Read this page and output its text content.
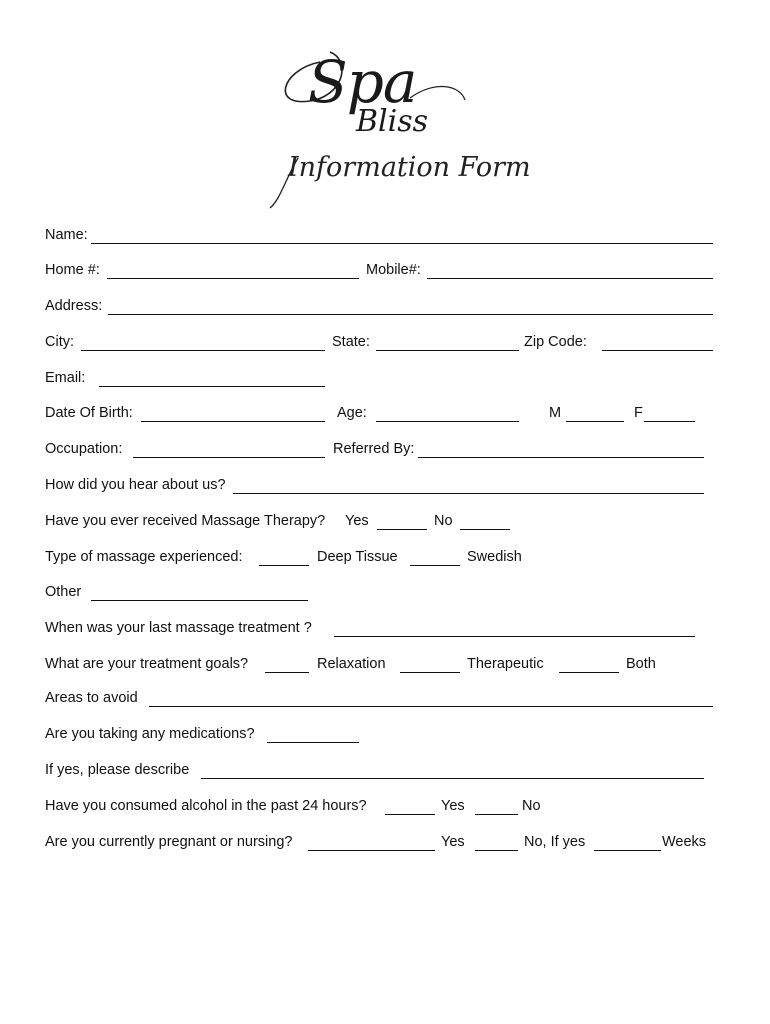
Spa
Bliss
Information Form
Name:
Home #:	Mobile#:
Address:
City:	State:	Zip Code:
Email:
Date Of Birth:	Age:	M	F
Occupation:	Referred By:
How did you hear about us?
Have you ever received Massage Therapy? Yes	No
Type of massage experienced:	Deep Tissue	Swedish
Other
When was your last massage treatment ?
What are your treatment goals?	Relaxation	Therapeutic	Both
Areas to avoid
Are you taking any medications?
If yes, please describe
Have you consumed alcohol in the past 24 hours?	Yes	No
Are you currently pregnant or nursing?	Yes	No, If yes	Weeks
